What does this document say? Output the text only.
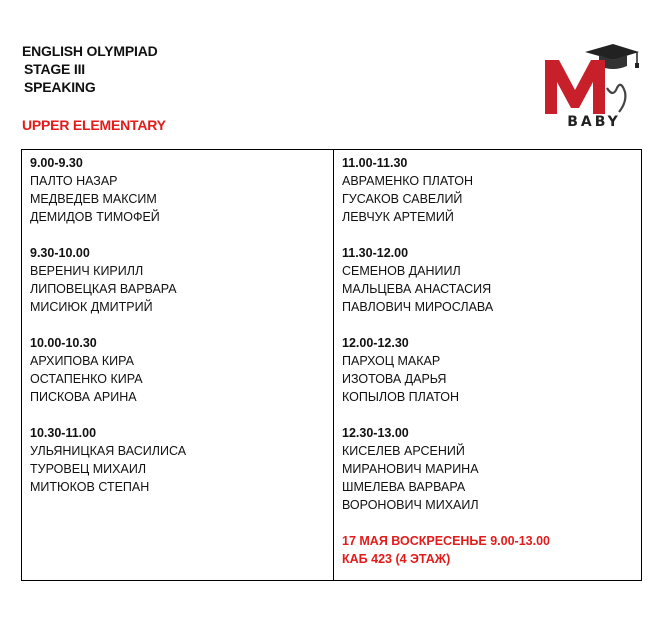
ENGLISH OLYMPIAD
STAGE III
SPEAKING
UPPER ELEMENTARY	BABY
9.00-9.30
ПАЛТО НАЗАР
МЕДВЕДЕВ МАКСИМ
ДЕМИДОВ ТИМОФЕЙ
9.30-10.00
ВЕРЕНИЧ КИРИЛЛ
ЛИПОВЕЦКАЯ ВАРВАРА
МИСИЮК ДМИТРИЙ
10.00-10.30
АРХИПОВА КИРА
ОСТАПЕНКО КИРА
ПИСКОВА АРИНА
10.30-11.00
УЛЬЯНИЦКАЯ ВАСИЛИСА
ТУРОВЕЦ МИХАИЛ
МИТЮКОВ СТЕПАН
11.00-11.30
АВРАМЕНКО ПЛАТОН
ГУСАКОВ САВЕЛИЙ
ЛЕВЧУК АРТЕМИЙ
11.30-12.00
СЕМЕНОВ ДАНИИЛ
МАЛЬЦЕВА АНАСТАСИЯ
ПАВЛОВИЧ МИРОСЛАВА
12.00-12.30
ПАРХОЦ МАКАР
ИЗОТОВА ДАРЬЯ
КОПЫЛОВ ПЛАТОН
12.30-13.00
КИСЕЛЕВ АРСЕНИЙ
МИРАНОВИЧ МАРИНА
ШМЕЛЕВА ВАРВАРА
ВОРОНОВИЧ МИХАИЛ
17 МАЯ ВОСКРЕСЕНЬЕ 9.00-13.00
КАБ 423 (4 ЭТАЖ)
